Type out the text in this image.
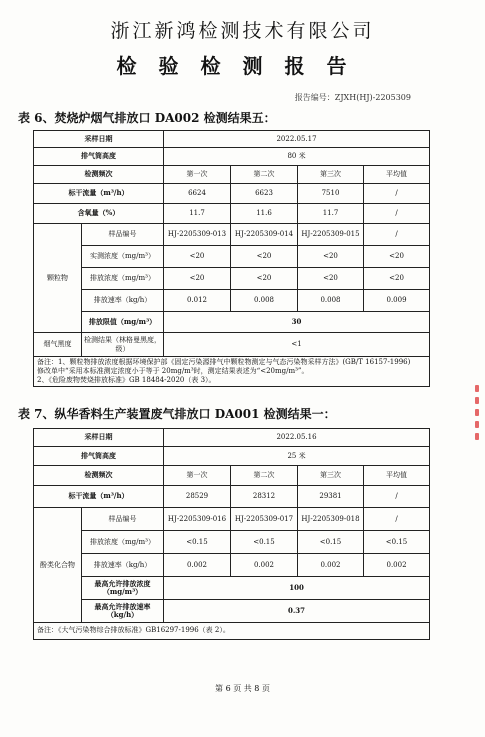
浙江新鸿检测技术有限公司
检验检测报告
报告编号：ZJXH(HJ)-2205309
表 6、焚烧炉烟气排放口 DA002 检测结果五：
采样日期		2022.05.17			
排气筒高度		80 米			
检测频次		第一次	第二次	第三次	平均值
标干流量（m³/h）		6624	6623	7510	/
含氧量（%）		11.7	11.6	11.7	/
颗粒物	样品编号	HJ-2205309-013	HJ-2205309-014	HJ-2205309-015	/
	实测浓度（mg/m³）	<20	<20	<20	<20
	排放浓度（mg/m³）	<20	<20	<20	<20
	排放速率（kg/h）	0.012	0.008	0.008	0.009
	排放限值（mg/m³）	30			
烟气黑度	检测结果（林格曼黑度，级）	<1			

备注：1、颗粒物排放浓度根据环境保护部《固定污染源排气中颗粒物测定与气态污染物采样方法》(GB/T 16157-1996)
修改单中“采用本标准测定浓度小于等于 20mg/m³时，测定结果表述为“<20mg/m³”。
2、《危险废物焚烧排放标准》GB 18484-2020（表 3）。					
表 7、纵华香料生产装置废气排放口 DA001 检测结果一：
采样日期		2022.05.16			
排气筒高度		25 米			
检测频次		第一次	第二次	第三次	平均值
标干流量（m³/h）		28529	28312	29381	/
酚类化合物	样品编号	HJ-2205309-016	HJ-2205309-017	HJ-2205309-018	/
	排放浓度（mg/m³）	<0.15	<0.15	<0.15	<0.15
	排放速率（kg/h）	0.002	0.002	0.002	0.002
	最高允许排放浓度（mg/m³）	100			
	最高允许排放速率（kg/h）	0.37			
备注：《大气污染物综合排放标准》GB16297-1996（表 2）。					
第 6 页 共 8 页
